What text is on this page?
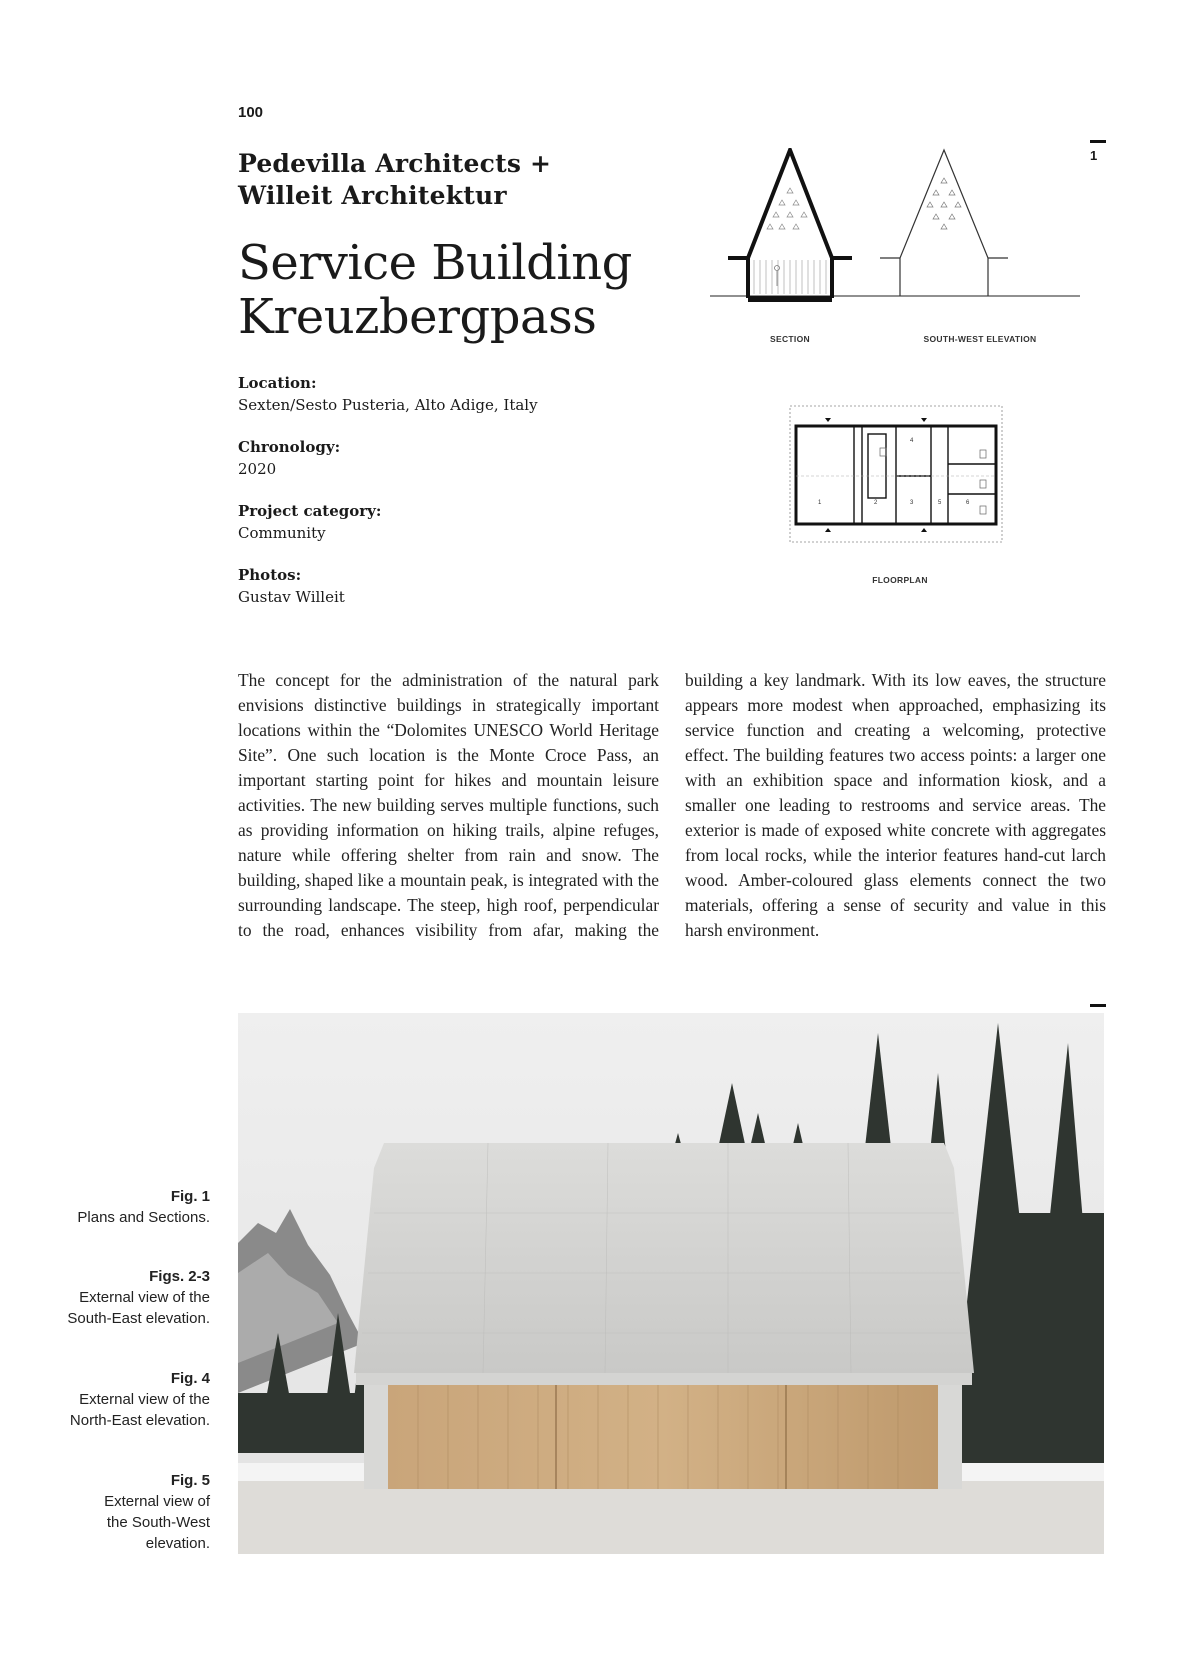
100
Pedevilla Architects +
Willeit Architektur
Service Building
Kreuzbergpass
Location:
Sexten/Sesto Pusteria, Alto Adige, Italy
Chronology:
2020
Project category:
Community
Photos:
Gustav Willeit
1
SECTION	SOUTH-WEST ELEVATION
1	2	3
4
5	6
FLOORPLAN
The concept for the administration of the natural park envisions distinctive buildings in strategically important locations within the “Dolomites UNESCO World Heritage Site”. One such location is the Monte Croce Pass, an important starting point for hikes and mountain leisure activities. The new building serves multiple functions, such as providing information on hiking trails, alpine refuges, nature while offering shelter from rain and snow. The building, shaped like a mountain peak, is integrated with the surrounding landscape. The steep, high roof, perpendicular to the road, enhances visibility from afar, making the building a key landmark. With its low eaves, the structure appears more modest when approached, emphasizing its service function and creating a welcoming, protective effect. The building features two access points: a larger one with an exhibition space and information kiosk, and a smaller one leading to restrooms and service areas. The exterior is made of exposed white concrete with aggregates from local rocks, while the interior features hand-cut larch wood. Amber-coloured glass elements connect the two materials, offering a sense of security and value in this harsh environment.
Fig. 1
Plans and Sections.
Figs. 2-3
External view of the
South-East elevation.
Fig. 4
External view of the
North-East elevation.
Fig. 5
External view of
the South-West
elevation.
